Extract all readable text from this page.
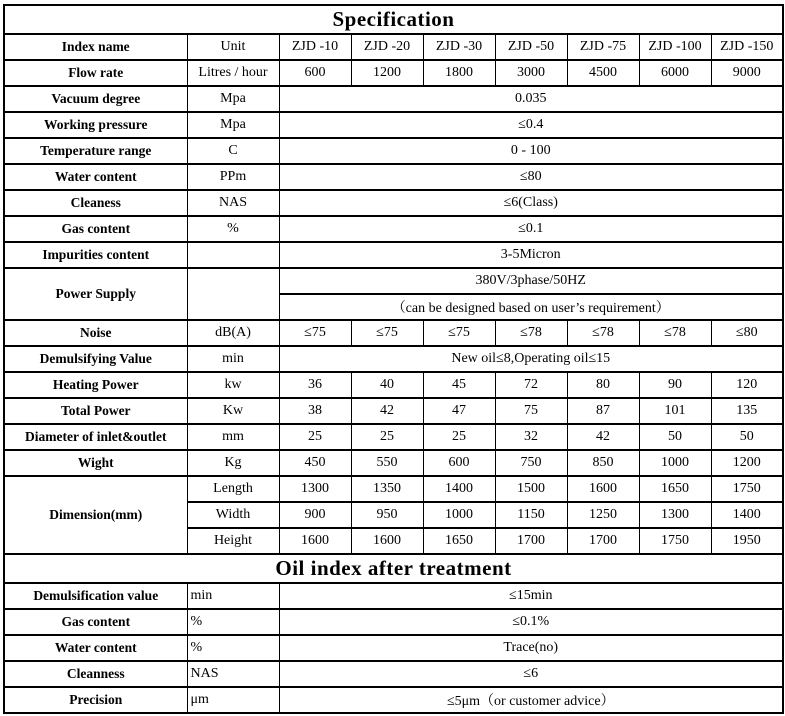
Specification								
Index name	Unit	ZJD -10	ZJD -20	ZJD -30	ZJD -50	ZJD -75	ZJD -100	ZJD -150
Flow rate	Litres / hour	600	1200	1800	3000	4500	6000	9000
Vacuum degree	Mpa	0.035						
Working pressure	Mpa	≤0.4						
Temperature range	C	0 - 100						
Water content	PPm	≤80						
Cleaness	NAS	≤6(Class)						
Gas content	%	≤0.1						
Impurities content		3-5Micron						
Power Supply		380V/3phase/50HZ						
		（can be designed based on user’s requirement）						
Noise	dB(A)	≤75	≤75	≤75	≤78	≤78	≤78	≤80
Demulsifying Value	min	New oil≤8,Operating oil≤15						
Heating Power	kw	36	40	45	72	80	90	120
Total Power	Kw	38	42	47	75	87	101	135
Diameter of inlet&outlet	mm	25	25	25	32	42	50	50
Wight	Kg	450	550	600	750	850	1000	1200
Dimension(mm)	Length	1300	1350	1400	1500	1600	1650	1750
	Width	900	950	1000	1150	1250	1300	1400
	Height	1600	1600	1650	1700	1700	1750	1950
Oil index after treatment								
Demulsification value	min	≤15min						
Gas content	%	≤0.1%						
Water content	%	Trace(no)						
Cleanness	NAS	≤6						
Precision	μm	≤5μm（or customer advice）						
